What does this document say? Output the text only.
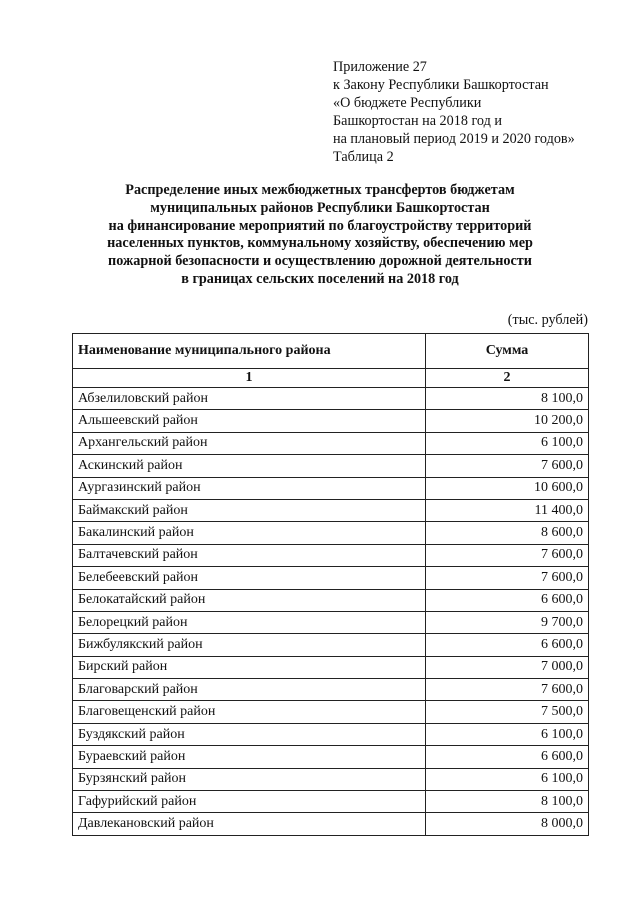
Приложение 27
к Закону Республики Башкортостан
«О бюджете Республики
Башкортостан на 2018 год и
на плановый период 2019 и 2020 годов»
Таблица 2
Распределение иных межбюджетных трансфертов бюджетам
муниципальных районов Республики Башкортостан
на финансирование мероприятий по благоустройству территорий
населенных пунктов, коммунальному хозяйству, обеспечению мер
пожарной безопасности и осуществлению дорожной деятельности
в границах сельских поселений на 2018 год
(тыс. рублей)
Наименование муниципального района	Сумма
1	2
Абзелиловский район	8 100,0
Альшеевский район	10 200,0
Архангельский район	6 100,0
Аскинский район	7 600,0
Аургазинский район	10 600,0
Баймакский район	11 400,0
Бакалинский район	8 600,0
Балтачевский район	7 600,0
Белебеевский район	7 600,0
Белокатайский район	6 600,0
Белорецкий район	9 700,0
Бижбулякский район	6 600,0
Бирский район	7 000,0
Благоварский район	7 600,0
Благовещенский район	7 500,0
Буздякский район	6 100,0
Бураевский район	6 600,0
Бурзянский район	6 100,0
Гафурийский район	8 100,0
Давлекановский район	8 000,0
